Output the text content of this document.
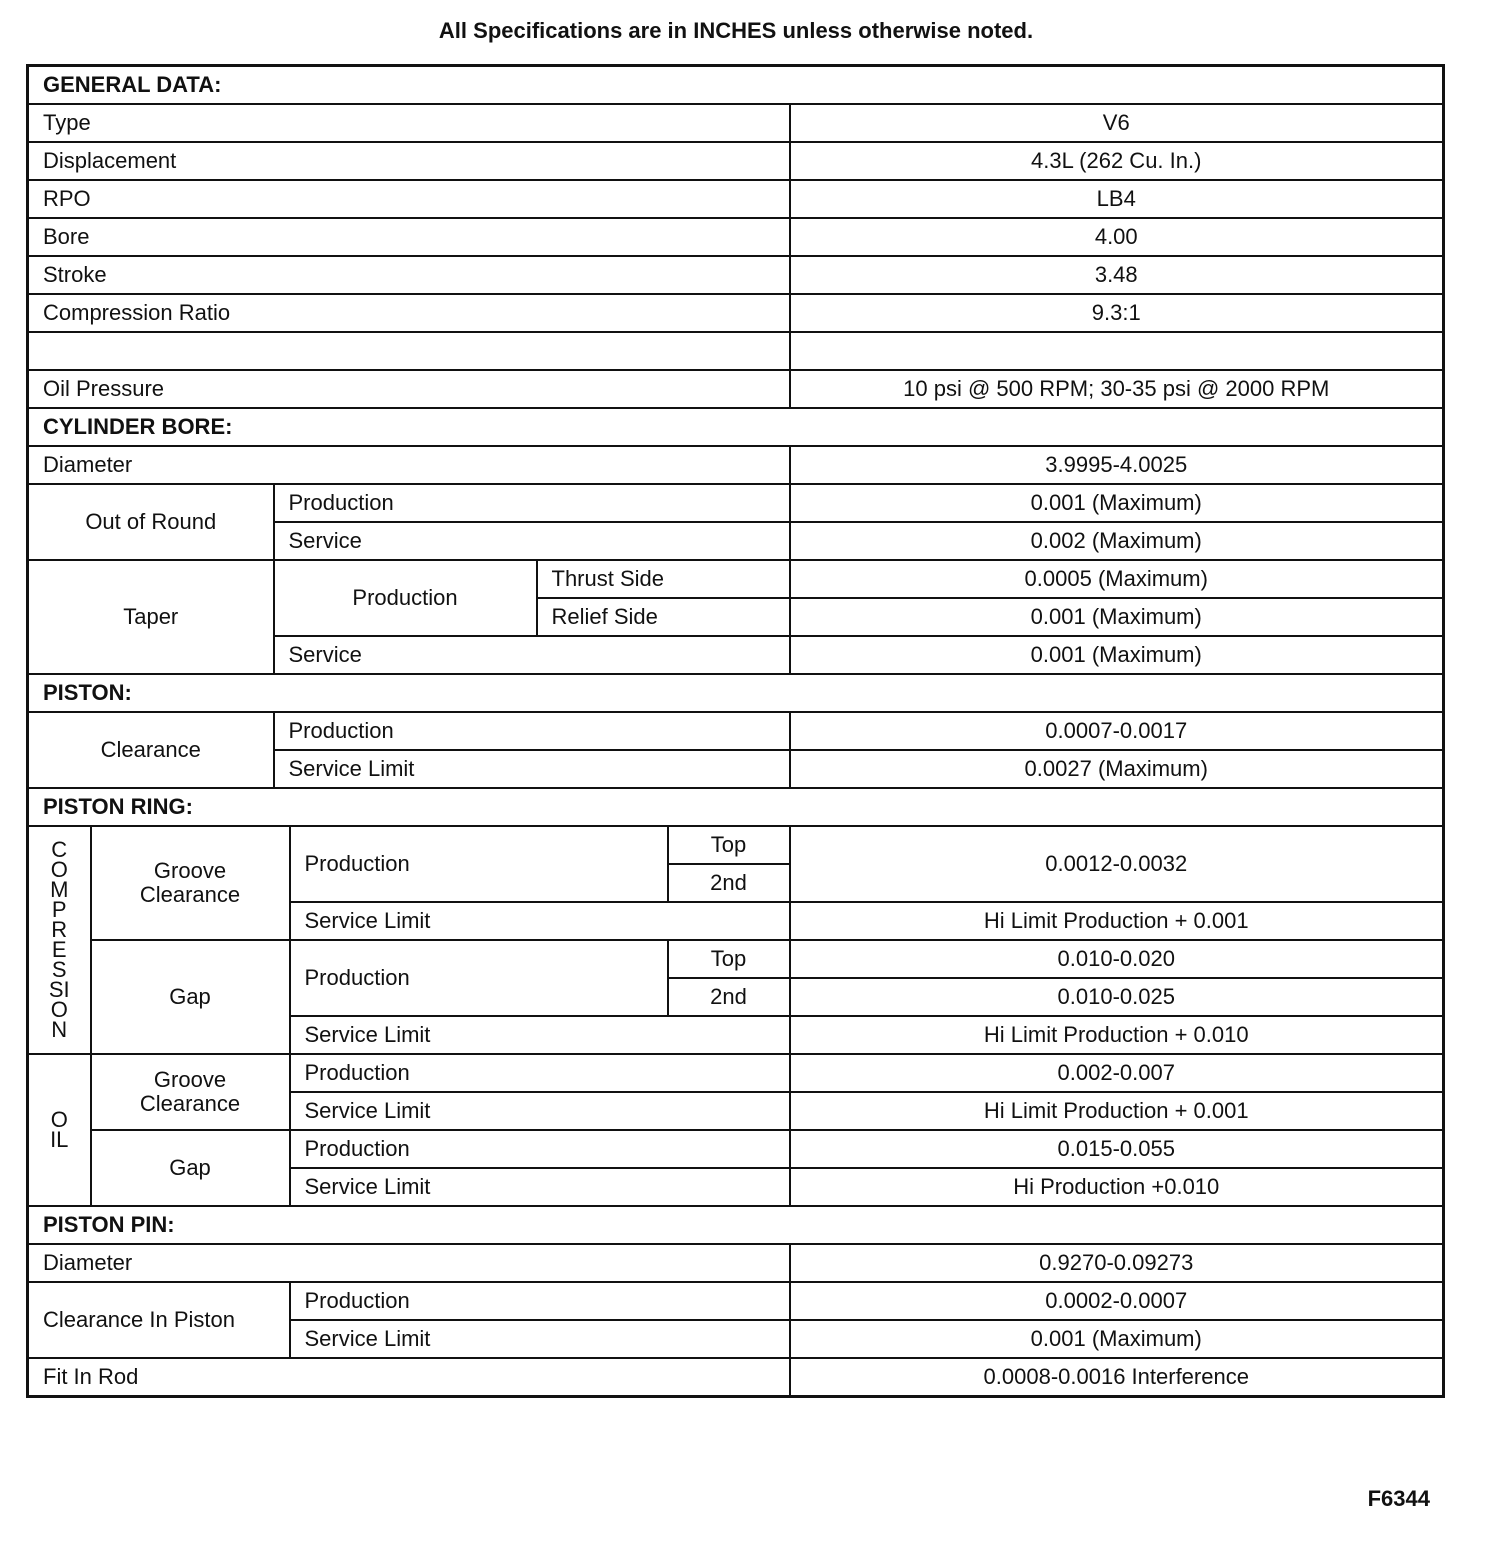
All Specifications are in INCHES unless otherwise noted.
GENERAL DATA:						
Type						V6
Displacement						4.3L (262 Cu. In.)
RPO						LB4
Bore						4.00
Stroke						3.48
Compression Ratio						9.3:1

Oil Pressure						10 psi @ 500 RPM; 30-35 psi @ 2000 RPM
CYLINDER BORE:						
Diameter						3.9995-4.0025
Out of Round		Production				0.001 (Maximum)
		Service				0.002 (Maximum)
Taper		Production		Thrust Side		0.0005 (Maximum)
				Relief Side		0.001 (Maximum)
		Service				0.001 (Maximum)
PISTON:						
Clearance		Production				0.0007-0.0017
		Service Limit				0.0027 (Maximum)
PISTON RING:						

COMPRESSION	Groove Clearance		Production		Top	0.0012-0.0032
					2nd	
			Service Limit			Hi Limit Production + 0.001
	Gap		Production		Top	0.010-0.020
					2nd	0.010-0.025
			Service Limit			Hi Limit Production + 0.010

OIL	Groove Clearance		Production			0.002-0.007
			Service Limit			Hi Limit Production + 0.001
	Gap		Production			0.015-0.055
			Service Limit			Hi Production +0.010
PISTON PIN:						
Diameter						0.9270-0.09273
Clearance In Piston			Production			0.0002-0.0007
			Service Limit			0.001 (Maximum)
Fit In Rod						0.0008-0.0016 Interference
F6344
